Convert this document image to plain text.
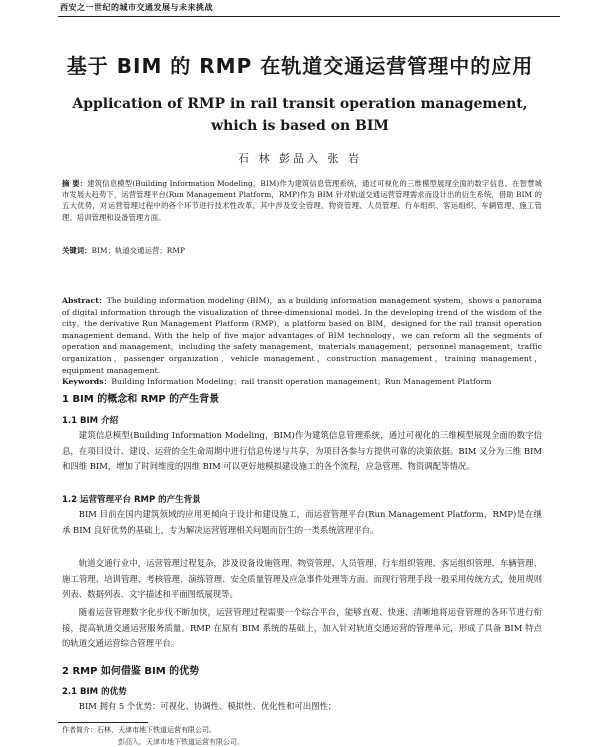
西安之一世纪的城市交通发展与未来挑战
基于 BIM 的 RMP 在轨道交通运营管理中的应用
Application of RMP in rail transit operation management,
which is based on BIM
石 林 彭品入 张 岩
摘 要：建筑信息模型(Building Information Modeling，BIM)作为建筑信息管理系统，通过可视化的三维模型展现全面的数字信息。在智慧城市发展大趋势下，运营管理平台(Run Management Platform，RMP)作为 BIM 针对轨道交通运营管理需求而设计出的衍生系统，借助 BIM 的五大优势，对运营管理过程中的各个环节进行技术性改革，其中涉及安全管理、物资管理、人员管理、行车组织、客运组织、车辆管理、施工管理、培训管理和设备管理方面。
关键词：BIM；轨道交通运营；RMP
Abstract：The building information modeling (BIM)，as a building information management system，shows a panorama of digital information through the visualization of three-dimensional model. In the developing trend of the wisdom of the city，the derivative Run Management Platform (RMP)，a platform based on BIM，designed for the rail transit operation management demand. With the help of five major advantages of BIM technology，we can reform all the segments of operation and management，including the safety management，materials management，personnel management，traffic organization，passenger organization，vehicle management，construction management，training management，equipment management.
Keywords：Building Information Modeling；rail transit operation management；Run Management Platform
1 BIM 的概念和 RMP 的产生背景
1.1 BIM 介绍
建筑信息模型(Building Information Modeling，BIM)作为建筑信息管理系统，通过可视化的三维模型展现全面的数字信息，在项目设计、建设、运营的全生命周期中进行信息传递与共享，为项目各参与方提供可靠的决策依据。BIM 又分为三维 BIM 和四维 BIM，增加了时间维度的四维 BIM 可以更好地模拟建设施工的各个流程，应急管理、物资调配等情况。
1.2 运营管理平台 RMP 的产生背景
BIM 目前在国内建筑领域的应用更倾向于设计和建设施工，而运营管理平台(Run Management Platform，RMP)是在继承 BIM 良好优势的基础上，专为解决运营管理相关问题而衍生的一类系统管理平台。
轨道交通行业中，运营管理过程复杂，涉及设备设施管理、物资管理、人员管理、行车组织管理、客运组织管理、车辆管理、施工管理、培训管理、考核管理、演练管理、安全质量管理及应急事件处理等方面。而现行管理手段一般采用传统方式，使用规则列表、数据列表、文字描述和平面图纸展现等。
随着运营管理数字化步伐不断加快，运营管理过程需要一个综合平台，能够直观、快速、清晰地将运营管理的各环节进行衔接，提高轨道交通运营服务质量。RMP 在原有 BIM 系统的基础上，加入针对轨道交通运营的管理单元，形成了具备 BIM 特点的轨道交通运营综合管理平台。
2 RMP 如何借鉴 BIM 的优势
2.1 BIM 的优势
BIM 拥有 5 个优势：可视化、协调性、模拟性、优化性和可出图性；
作者简介：石林，天津市地下铁道运营有限公司。
彭品入，天津市地下铁道运营有限公司。
